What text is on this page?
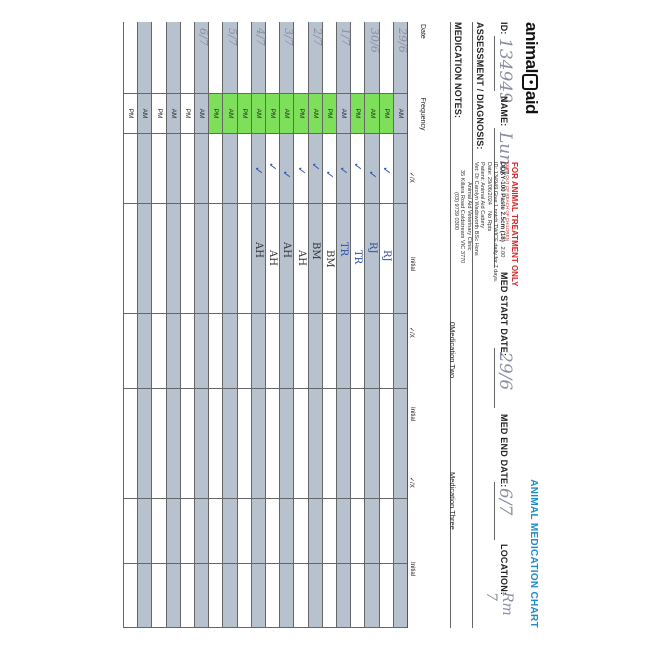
animal●aid
ANIMAL MEDICATION CHART
ID:
134949
NAME:
Luna
MED START DATE:
29/6
MED END DATE:
6/7
LOCATION:
Rm 7
ASSESSMENT / DIAGNOSIS:
MEDICATION NOTES:
Date
Frequency
FOR ANIMAL TREATMENT ONLY
KEEP OUT OF REACH OF CHILDREN
DOXY-100 Paste 2.5cm (18)   2.00
ID: 134949 Give 1 notch TWICE daily for 7 days.
Date: 29/06/2024    No Rpts
Patient: Animal Aid Cattery
Vet: Dr Carolyn Wadsworth BSc Hons
Animal Aid Veterinary Clinic
35 Killara Road Coldstream VIC 3770
(03) 9739 0300
0Medication Two
Medication Three
✓/X
Initial
✓/X
Initial
✓/X
Initial
29/6
AM
PM
✓
RJ
30/6
AM
✓
RJ
PM
✓
TR
1/7
AM
✓
TR
PM
✓
BM
2/7
AM
✓
BM
PM
✓
AH
3/7
AM
✓
AH
PM
✓
AH
4/7
AM
✓
AH
PM
5/7
AM
PM
6/7
AM
PM
AM
PM
AM
PM
